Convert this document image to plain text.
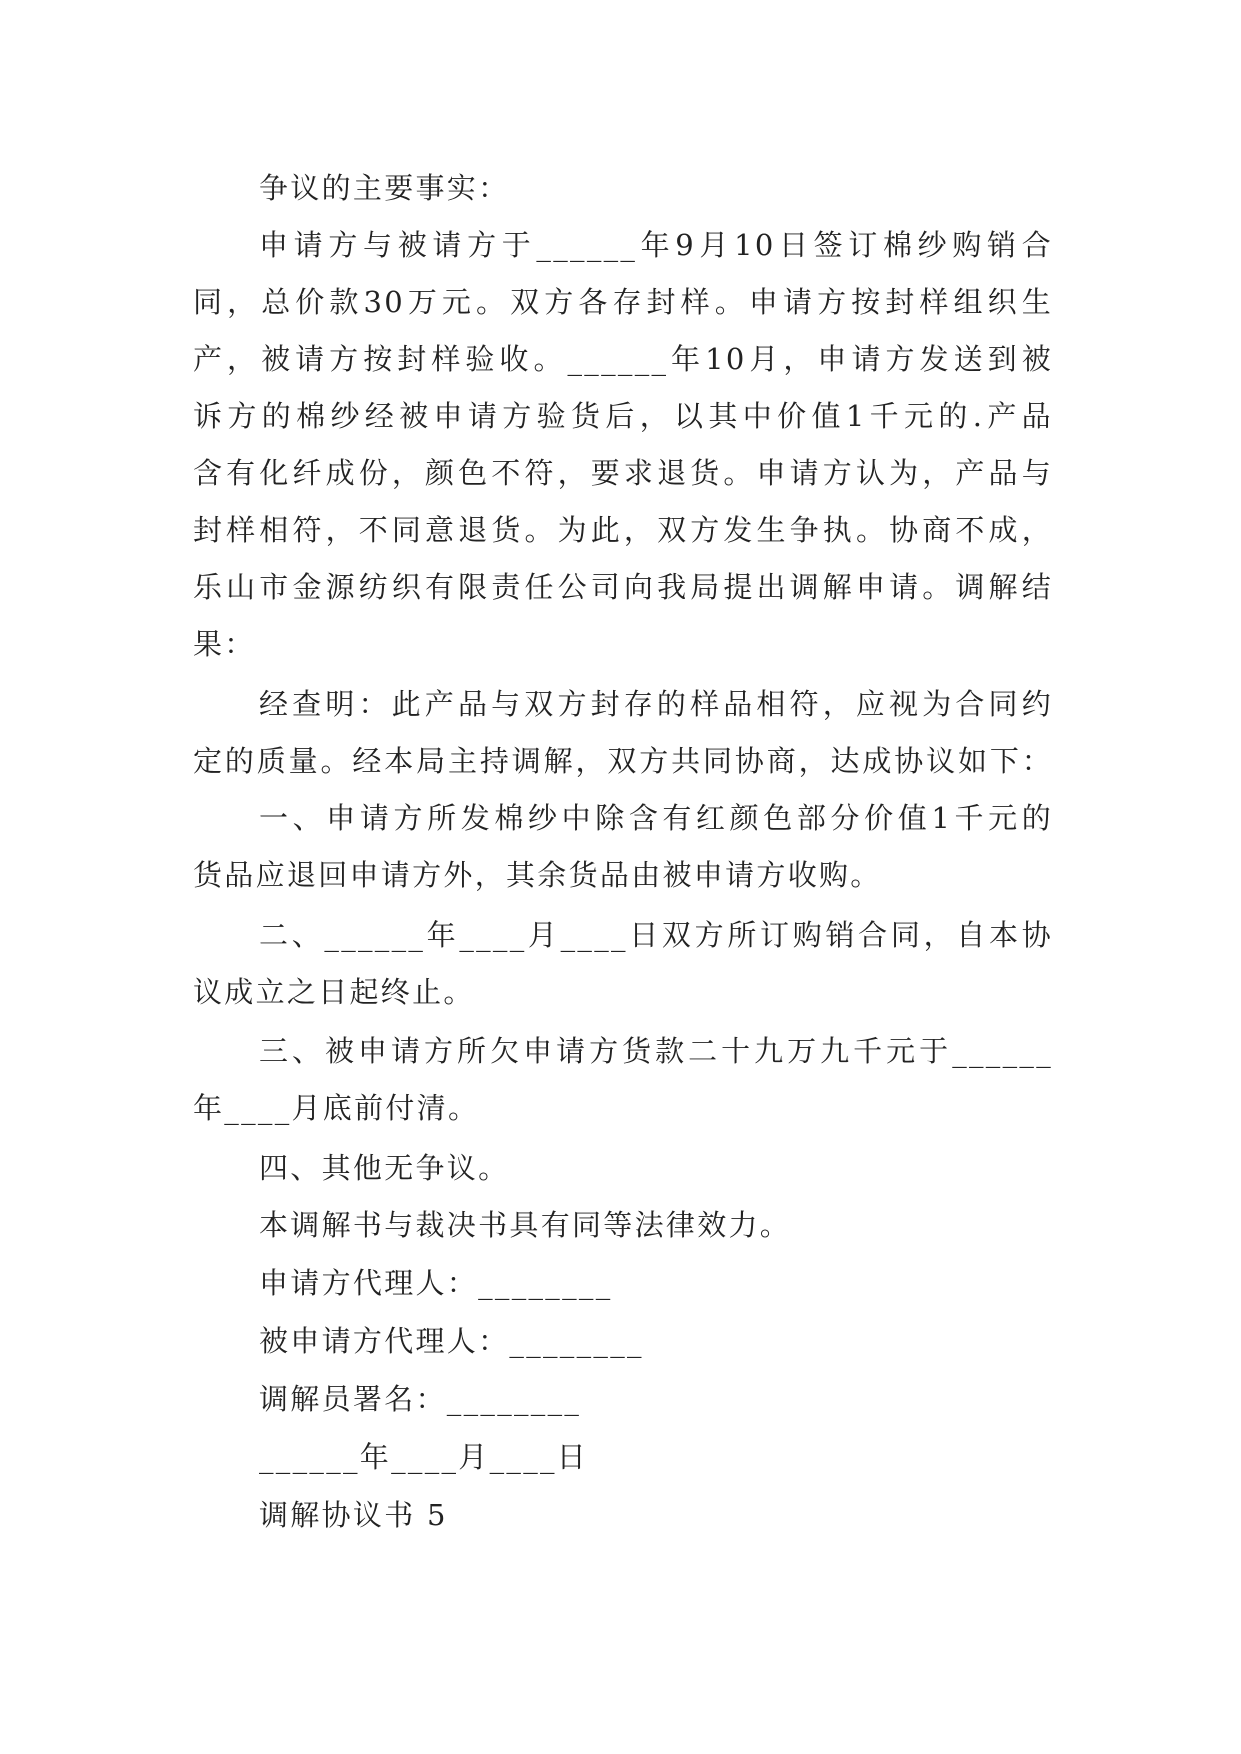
争议的主要事实：
申请方与被请方于______年9月10日签订棉纱购销合
同，总价款30万元。双方各存封样。申请方按封样组织生
产，被请方按封样验收。______年10月，申请方发送到被
诉方的棉纱经被申请方验货后，以其中价值1千元的.产品
含有化纤成份，颜色不符，要求退货。申请方认为，产品与
封样相符，不同意退货。为此，双方发生争执。协商不成，
乐山市金源纺织有限责任公司向我局提出调解申请。调解结
果：
经查明：此产品与双方封存的样品相符，应视为合同约
定的质量。经本局主持调解，双方共同协商，达成协议如下：
一、申请方所发棉纱中除含有红颜色部分价值1千元的
货品应退回申请方外，其余货品由被申请方收购。
二、______年____月____日双方所订购销合同，自本协
议成立之日起终止。
三、被申请方所欠申请方货款二十九万九千元于______
年____月底前付清。
四、其他无争议。
本调解书与裁决书具有同等法律效力。
申请方代理人：________
被申请方代理人：________
调解员署名：________
______年____月____日
调解协议书 5
